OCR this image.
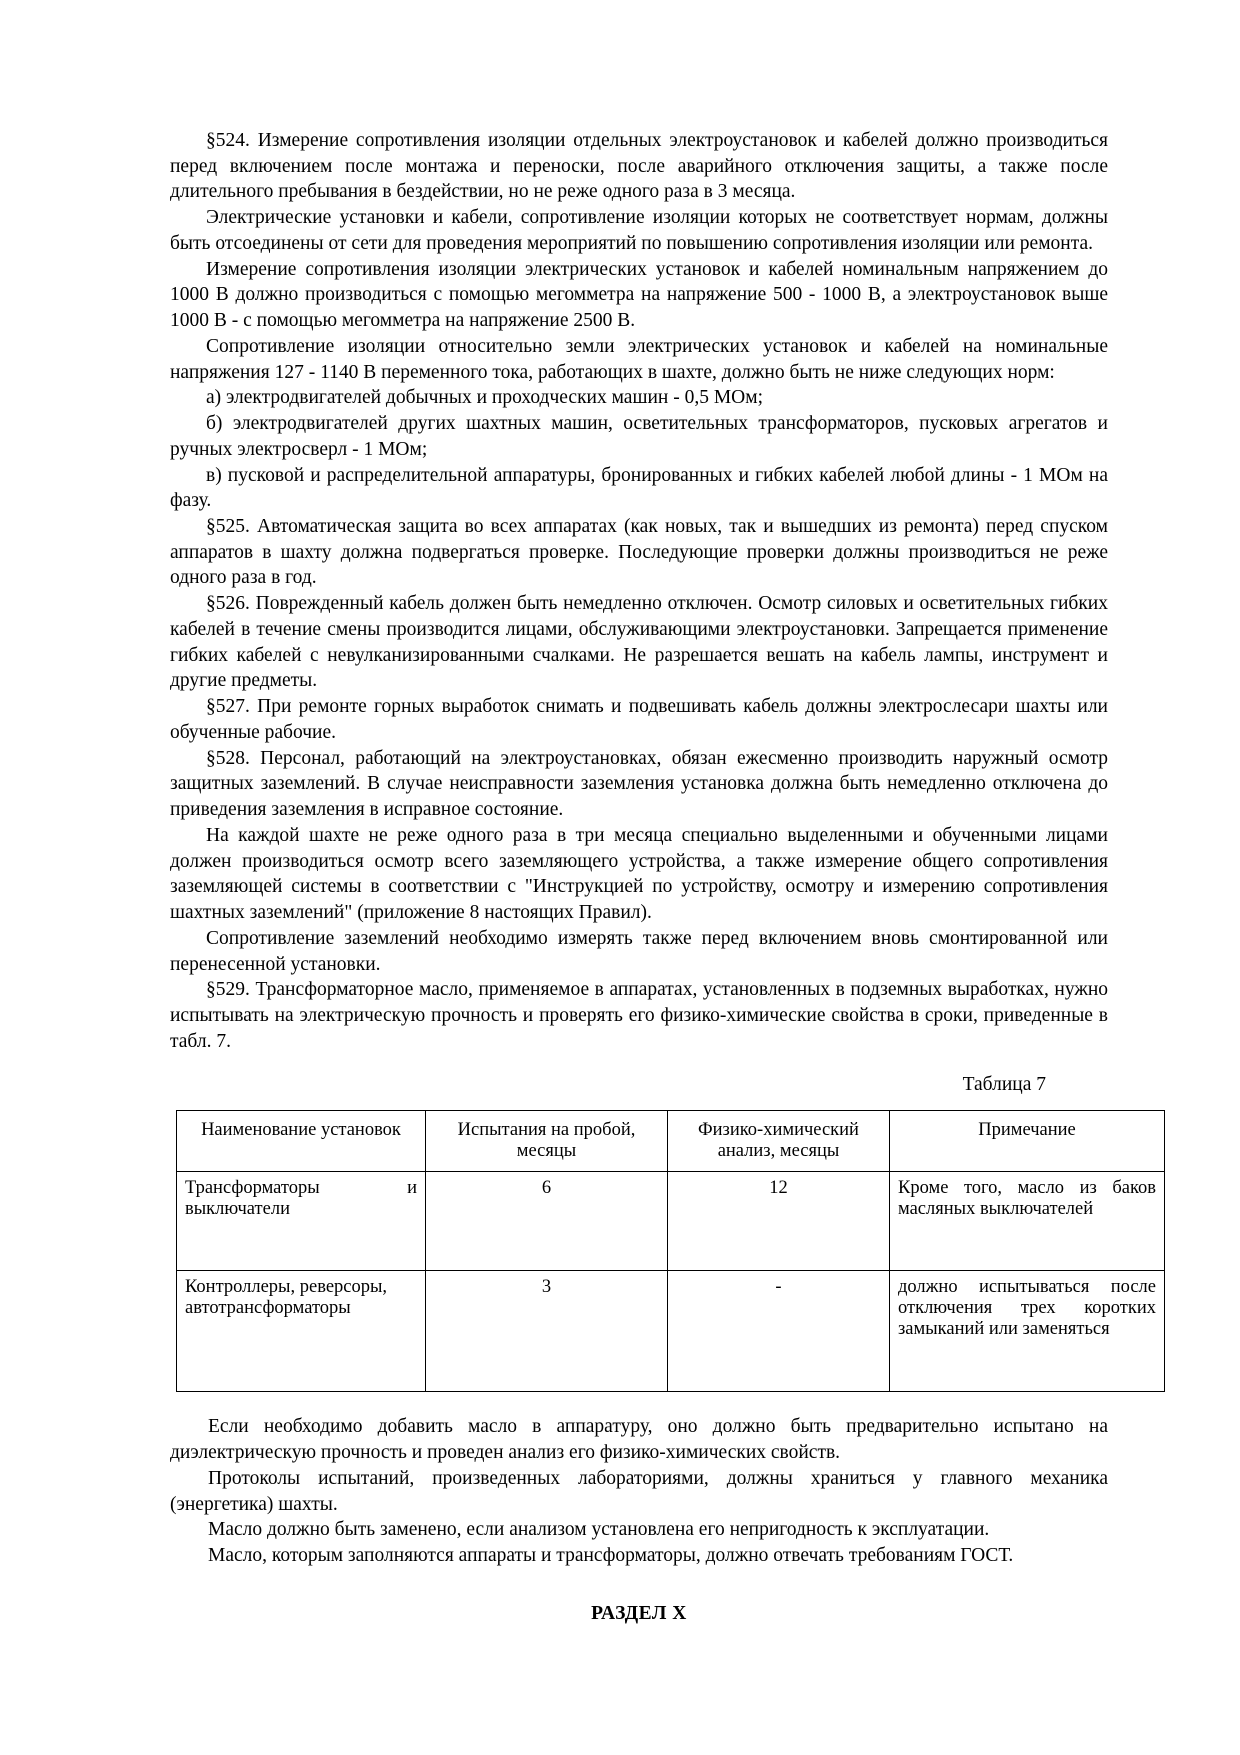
§524. Измерение сопротивления изоляции отдельных электроустановок и кабелей должно производиться перед включением после монтажа и переноски, после аварийного отключения защиты, а также после длительного пребывания в бездействии, но не реже одного раза в 3 месяца.

Электрические установки и кабели, сопротивление изоляции которых не соответствует нормам, должны быть отсоединены от сети для проведения мероприятий по повышению сопротивления изоляции или ремонта.

Измерение сопротивления изоляции электрических установок и кабелей номинальным напряжением до 1000 В должно производиться с помощью мегомметра на напряжение 500 - 1000 В, а электроустановок выше 1000 В - с помощью мегомметра на напряжение 2500 В.

Сопротивление изоляции относительно земли электрических установок и кабелей на номинальные напряжения 127 - 1140 В переменного тока, работающих в шахте, должно быть не ниже следующих норм:

а) электродвигателей добычных и проходческих машин - 0,5 МОм;

б) электродвигателей других шахтных машин, осветительных трансформаторов, пусковых агрегатов и ручных электросверл - 1 МОм;

в) пусковой и распределительной аппаратуры, бронированных и гибких кабелей любой длины - 1 МОм на фазу.

§525. Автоматическая защита во всех аппаратах (как новых, так и вышедших из ремонта) перед спуском аппаратов в шахту должна подвергаться проверке. Последующие проверки должны производиться не реже одного раза в год.

§526. Поврежденный кабель должен быть немедленно отключен. Осмотр силовых и осветительных гибких кабелей в течение смены производится лицами, обслуживающими электроустановки. Запрещается применение гибких кабелей с невулканизированными счалками. Не разрешается вешать на кабель лампы, инструмент и другие предметы.

§527. При ремонте горных выработок снимать и подвешивать кабель должны электрослесари шахты или обученные рабочие.

§528. Персонал, работающий на электроустановках, обязан ежесменно производить наружный осмотр защитных заземлений. В случае неисправности заземления установка должна быть немедленно отключена до приведения заземления в исправное состояние.

На каждой шахте не реже одного раза в три месяца специально выделенными и обученными лицами должен производиться осмотр всего заземляющего устройства, а также измерение общего сопротивления заземляющей системы в соответствии с "Инструкцией по устройству, осмотру и измерению сопротивления шахтных заземлений" (приложение 8 настоящих Правил).

Сопротивление заземлений необходимо измерять также перед включением вновь смонтированной или перенесенной установки.

§529. Трансформаторное масло, применяемое в аппаратах, установленных в подземных выработках, нужно испытывать на электрическую прочность и проверять его физико-химические свойства в сроки, приведенные в табл. 7.

Таблица 7
Наименование установок	Испытания на пробой, месяцы	Физико-химический анализ, месяцы	Примечание
Трансформаторы и выключатели	6	12	Кроме того, масло из баков масляных выключателей
Контроллеры, реверсоры, автотрансформаторы	3	-	должно испытываться после отключения трех коротких замыканий или заменяться

Если необходимо добавить масло в аппаратуру, оно должно быть предварительно испытано на диэлектрическую прочность и проведен анализ его физико-химических свойств.

Протоколы испытаний, произведенных лабораториями, должны храниться у главного механика (энергетика) шахты.

Масло должно быть заменено, если анализом установлена его непригодность к эксплуатации.

Масло, которым заполняются аппараты и трансформаторы, должно отвечать требованиям ГОСТ.

РАЗДЕЛ X
